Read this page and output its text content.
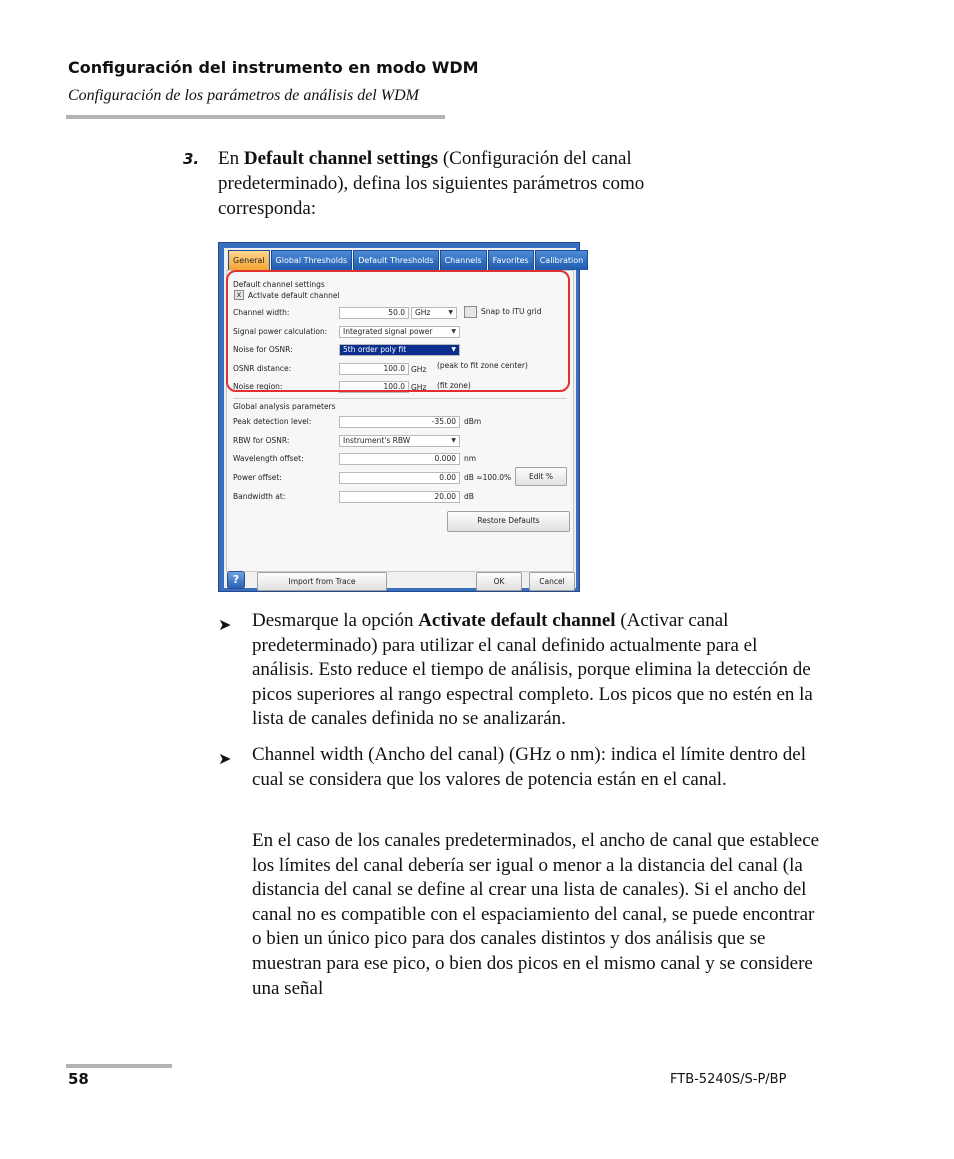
Configuración del instrumento en modo WDM
Configuración de los parámetros de análisis del WDM
3. En Default channel settings (Configuración del canal predeterminado), defina los siguientes parámetros como corresponda:
General	Global Thresholds	Default Thresholds	Channels	Favorites	Calibration
Default channel settings
x Activate default channel
Channel width:	50.0	GHz	▼	Snap to ITU grid
Signal power calculation:	Integrated signal power	▼
Noise for OSNR:	5th order poly fit	▼
OSNR distance:	100.0 GHz (peak to fit zone center)
Noise region:	100.0 GHz (fit zone)
Global analysis parameters
Peak detection level:	-35.00	dBm
RBW for OSNR:	Instrument's RBW	▼
Wavelength offset:	0.000	nm
Power offset:	0.00	dB ≈100.0%	Edit %
Bandwidth at:	20.00	dB
Restore Defaults
?	Import from Trace	OK	Cancel
➤ Desmarque la opción Activate default channel (Activar canal predeterminado) para utilizar el canal definido actualmente para el análisis. Esto reduce el tiempo de análisis, porque elimina la detección de picos superiores al rango espectral completo. Los picos que no estén en la lista de canales definida no se analizarán.
➤ Channel width (Ancho del canal) (GHz o nm): indica el límite dentro del cual se considera que los valores de potencia están en el canal.
En el caso de los canales predeterminados, el ancho de canal que establece los límites del canal debería ser igual o menor a la distancia del canal (la distancia del canal se define al crear una lista de canales). Si el ancho del canal no es compatible con el espaciamiento del canal, se puede encontrar o bien un único pico para dos canales distintos y dos análisis que se muestran para ese pico, o bien dos picos en el mismo canal y se considere una señal
58	FTB-5240S/S-P/BP
